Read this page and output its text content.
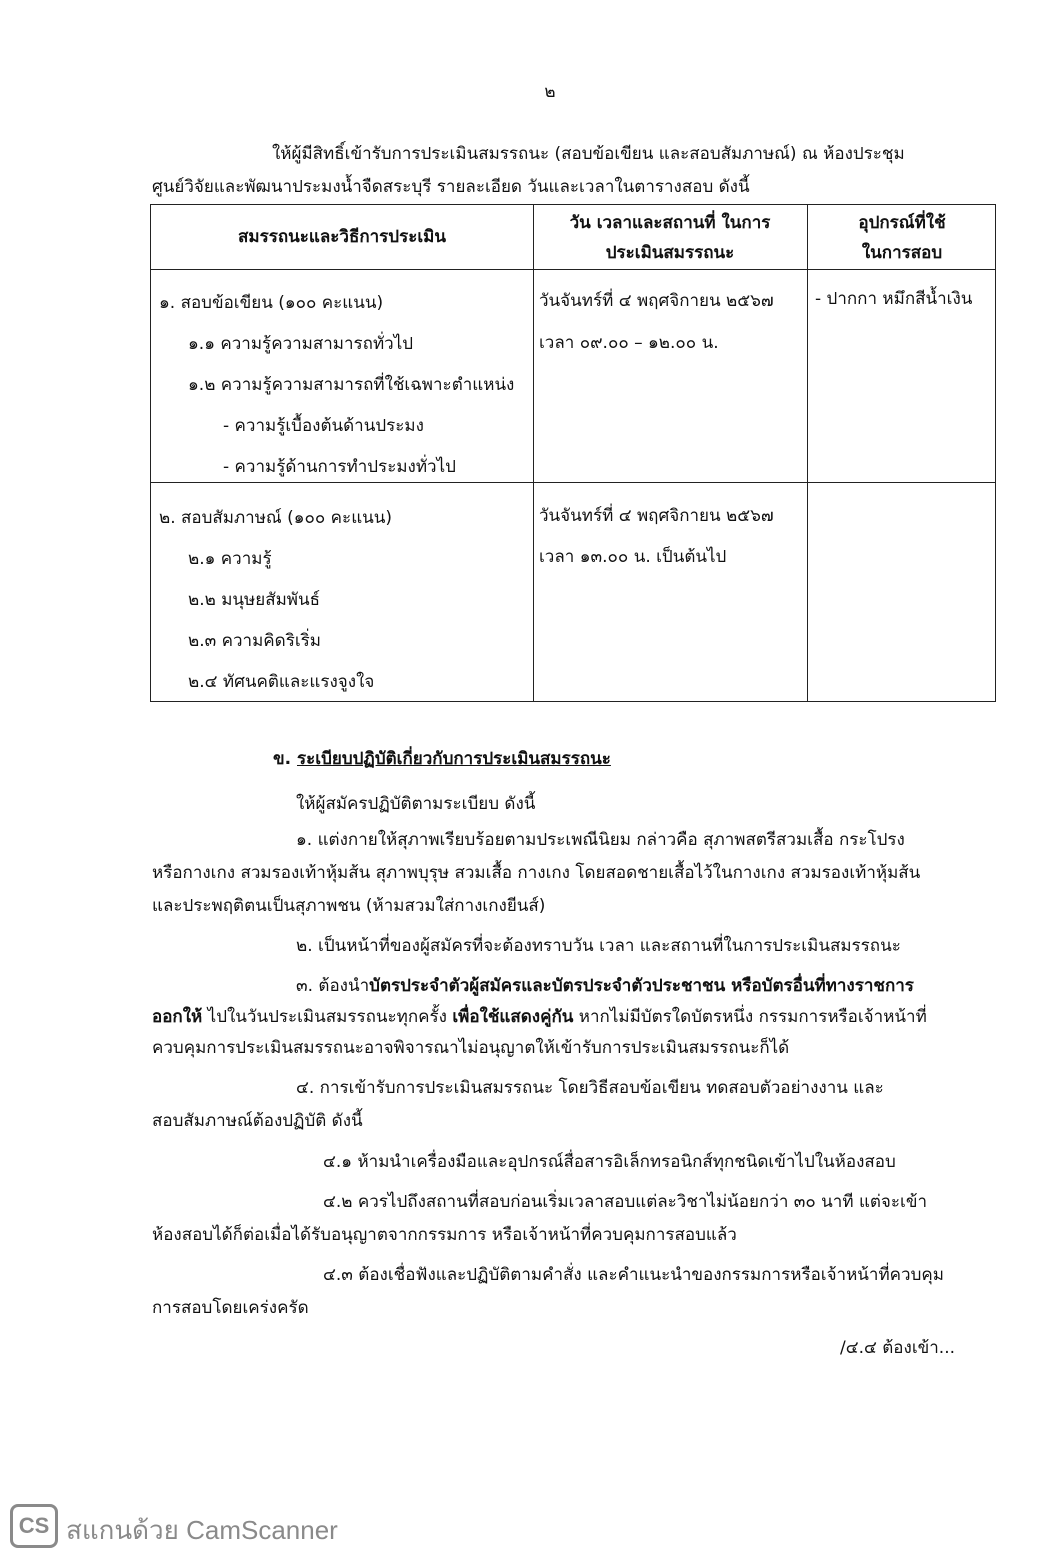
๒
ให้ผู้มีสิทธิ์เข้ารับการประเมินสมรรถนะ (สอบข้อเขียน และสอบสัมภาษณ์) ณ ห้องประชุม
ศูนย์วิจัยและพัฒนาประมงน้ำจืดสระบุรี รายละเอียด วันและเวลาในตารางสอบ ดังนี้
สมรรถนะและวิธีการประเมิน
วัน เวลาและสถานที่ ในการ
ประเมินสมรรถนะ
อุปกรณ์ที่ใช้
ในการสอบ
๑. สอบข้อเขียน (๑๐๐ คะแนน)
๑.๑ ความรู้ความสามารถทั่วไป
๑.๒ ความรู้ความสามารถที่ใช้เฉพาะตำแหน่ง
- ความรู้เบื้องต้นด้านประมง
- ความรู้ด้านการทำประมงทั่วไป
วันจันทร์ที่ ๔ พฤศจิกายน ๒๕๖๗
เวลา ๐๙.๐๐ – ๑๒.๐๐ น.
- ปากกา หมึกสีน้ำเงิน
๒. สอบสัมภาษณ์ (๑๐๐ คะแนน)
๒.๑ ความรู้
๒.๒ มนุษยสัมพันธ์
๒.๓ ความคิดริเริ่ม
๒.๔ ทัศนคติและแรงจูงใจ
วันจันทร์ที่ ๔ พฤศจิกายน ๒๕๖๗
เวลา ๑๓.๐๐ น. เป็นต้นไป
ข. ระเบียบปฏิบัติเกี่ยวกับการประเมินสมรรถนะ
ให้ผู้สมัครปฏิบัติตามระเบียบ ดังนี้
๑. แต่งกายให้สุภาพเรียบร้อยตามประเพณีนิยม กล่าวคือ สุภาพสตรีสวมเสื้อ กระโปรง
หรือกางเกง สวมรองเท้าหุ้มส้น สุภาพบุรุษ สวมเสื้อ กางเกง โดยสอดชายเสื้อไว้ในกางเกง สวมรองเท้าหุ้มส้น
และประพฤติตนเป็นสุภาพชน (ห้ามสวมใส่กางเกงยีนส์)
๒. เป็นหน้าที่ของผู้สมัครที่จะต้องทราบวัน เวลา และสถานที่ในการประเมินสมรรถนะ
๓. ต้องนำบัตรประจำตัวผู้สมัครและบัตรประจำตัวประชาชน หรือบัตรอื่นที่ทางราชการ
ออกให้ ไปในวันประเมินสมรรถนะทุกครั้ง เพื่อใช้แสดงคู่กัน หากไม่มีบัตรใดบัตรหนึ่ง กรรมการหรือเจ้าหน้าที่
ควบคุมการประเมินสมรรถนะอาจพิจารณาไม่อนุญาตให้เข้ารับการประเมินสมรรถนะก็ได้
๔. การเข้ารับการประเมินสมรรถนะ โดยวิธีสอบข้อเขียน ทดสอบตัวอย่างงาน และ
สอบสัมภาษณ์ต้องปฏิบัติ ดังนี้
๔.๑ ห้ามนำเครื่องมือและอุปกรณ์สื่อสารอิเล็กทรอนิกส์ทุกชนิดเข้าไปในห้องสอบ
๔.๒ ควรไปถึงสถานที่สอบก่อนเริ่มเวลาสอบแต่ละวิชาไม่น้อยกว่า ๓๐ นาที แต่จะเข้า
ห้องสอบได้ก็ต่อเมื่อได้รับอนุญาตจากกรรมการ หรือเจ้าหน้าที่ควบคุมการสอบแล้ว
๔.๓ ต้องเชื่อฟังและปฏิบัติตามคำสั่ง และคำแนะนำของกรรมการหรือเจ้าหน้าที่ควบคุม
การสอบโดยเคร่งครัด
/๔.๔ ต้องเข้า...
CS สแกนด้วย CamScanner
